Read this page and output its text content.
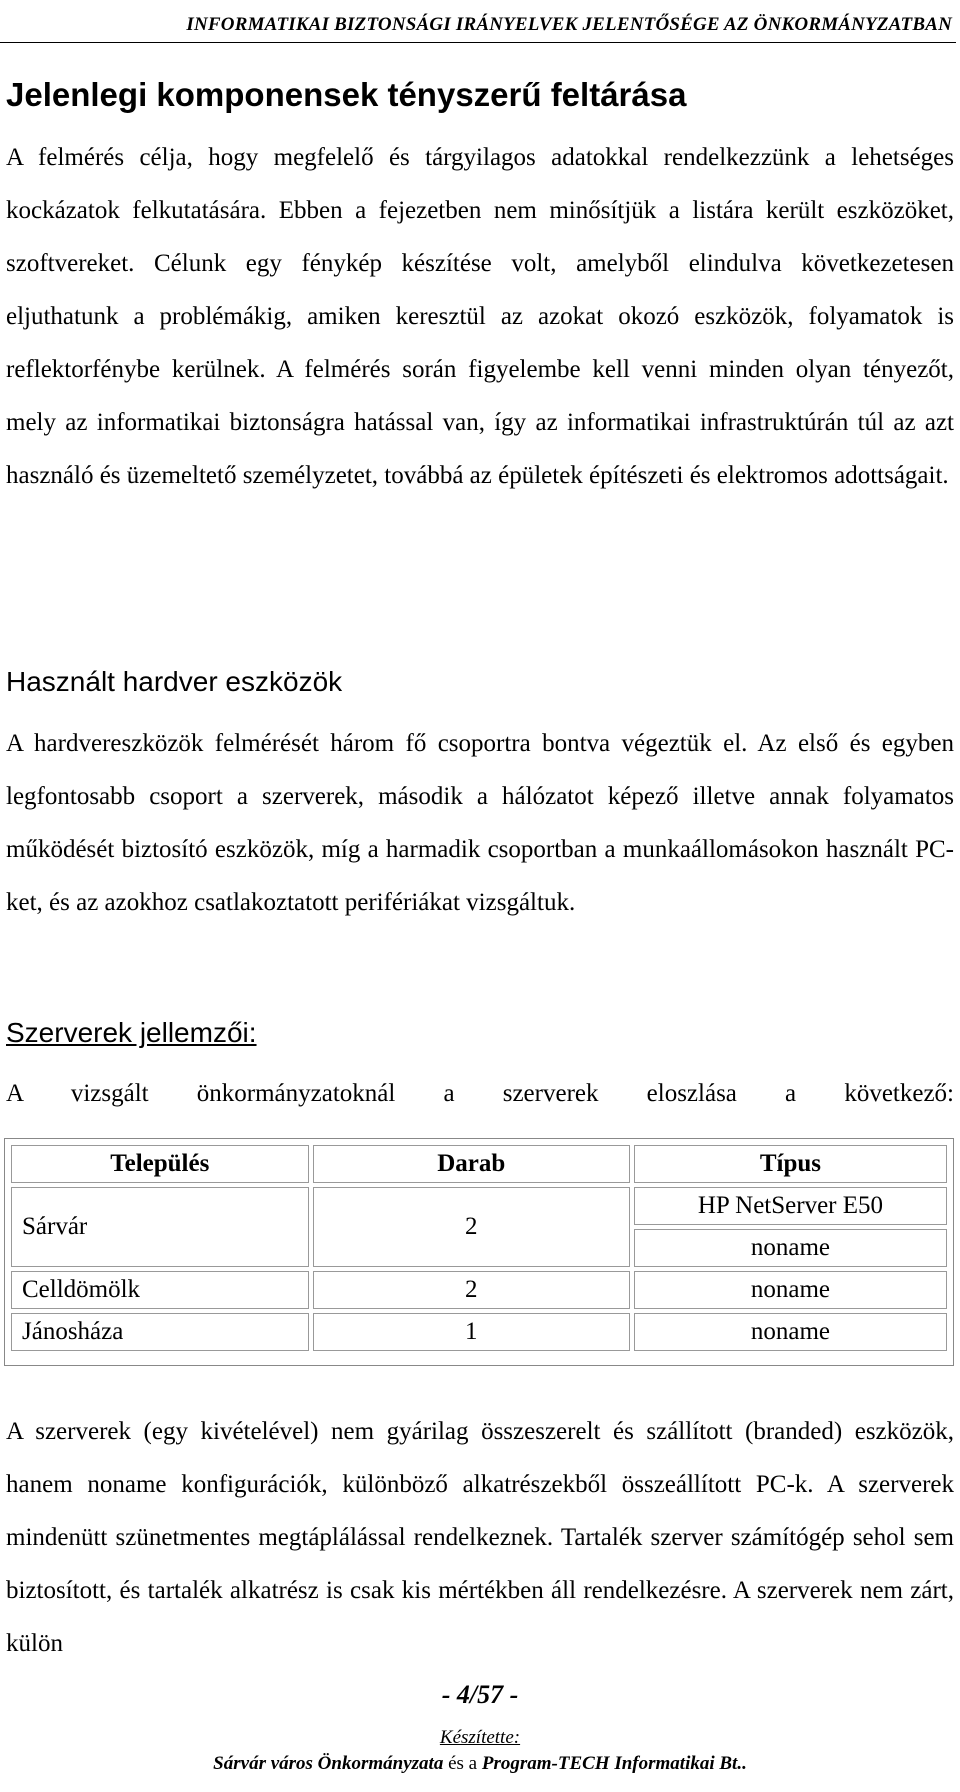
INFORMATIKAI BIZTONSÁGI IRÁNYELVEK JELENTŐSÉGE AZ ÖNKORMÁNYZATBAN
Jelenlegi komponensek tényszerű feltárása

A felmérés célja, hogy megfelelő és tárgyilagos adatokkal rendelkezzünk a lehetséges kockázatok felkutatására. Ebben a fejezetben nem minősítjük a listára került eszközöket, szoftvereket. Célunk egy fénykép készítése volt, amelyből elindulva következetesen eljuthatunk a problémákig, amiken keresztül az azokat okozó eszközök, folyamatok is reflektorfénybe kerülnek. A felmérés során figyelembe kell venni minden olyan tényezőt, mely az informatikai biztonságra hatással van, így az informatikai infrastruktúrán túl az azt használó és üzemeltető személyzetet, továbbá az épületek építészeti és elektromos adottságait.

Használt hardver eszközök

A hardvereszközök felmérését három fő csoportra bontva végeztük el. Az első és egyben legfontosabb csoport a szerverek, második a hálózatot képező illetve annak folyamatos működését biztosító eszközök, míg a harmadik csoportban a munkaállomásokon használt PC-ket, és az azokhoz csatlakoztatott perifériákat vizsgáltuk.

Szerverek jellemzői:

A vizsgált önkormányzatoknál a szerverek eloszlása a következő:

Település	Darab	Típus
Sárvár	2	HP NetServer E50
		noname
Celldömölk	2	noname
Jánosháza	1	noname

A szerverek (egy kivételével) nem gyárilag összeszerelt és szállított (branded) eszközök, hanem noname konfigurációk, különböző alkatrészekből összeállított PC-k. A szerverek mindenütt szünetmentes megtáplálással rendelkeznek. Tartalék szerver számítógép sehol sem biztosított, és tartalék alkatrész is csak kis mértékben áll rendelkezésre. A szerverek nem zárt, külön

- 4/57 -
Készítette:
Sárvár város Önkormányzata és a Program-TECH Informatikai Bt..
